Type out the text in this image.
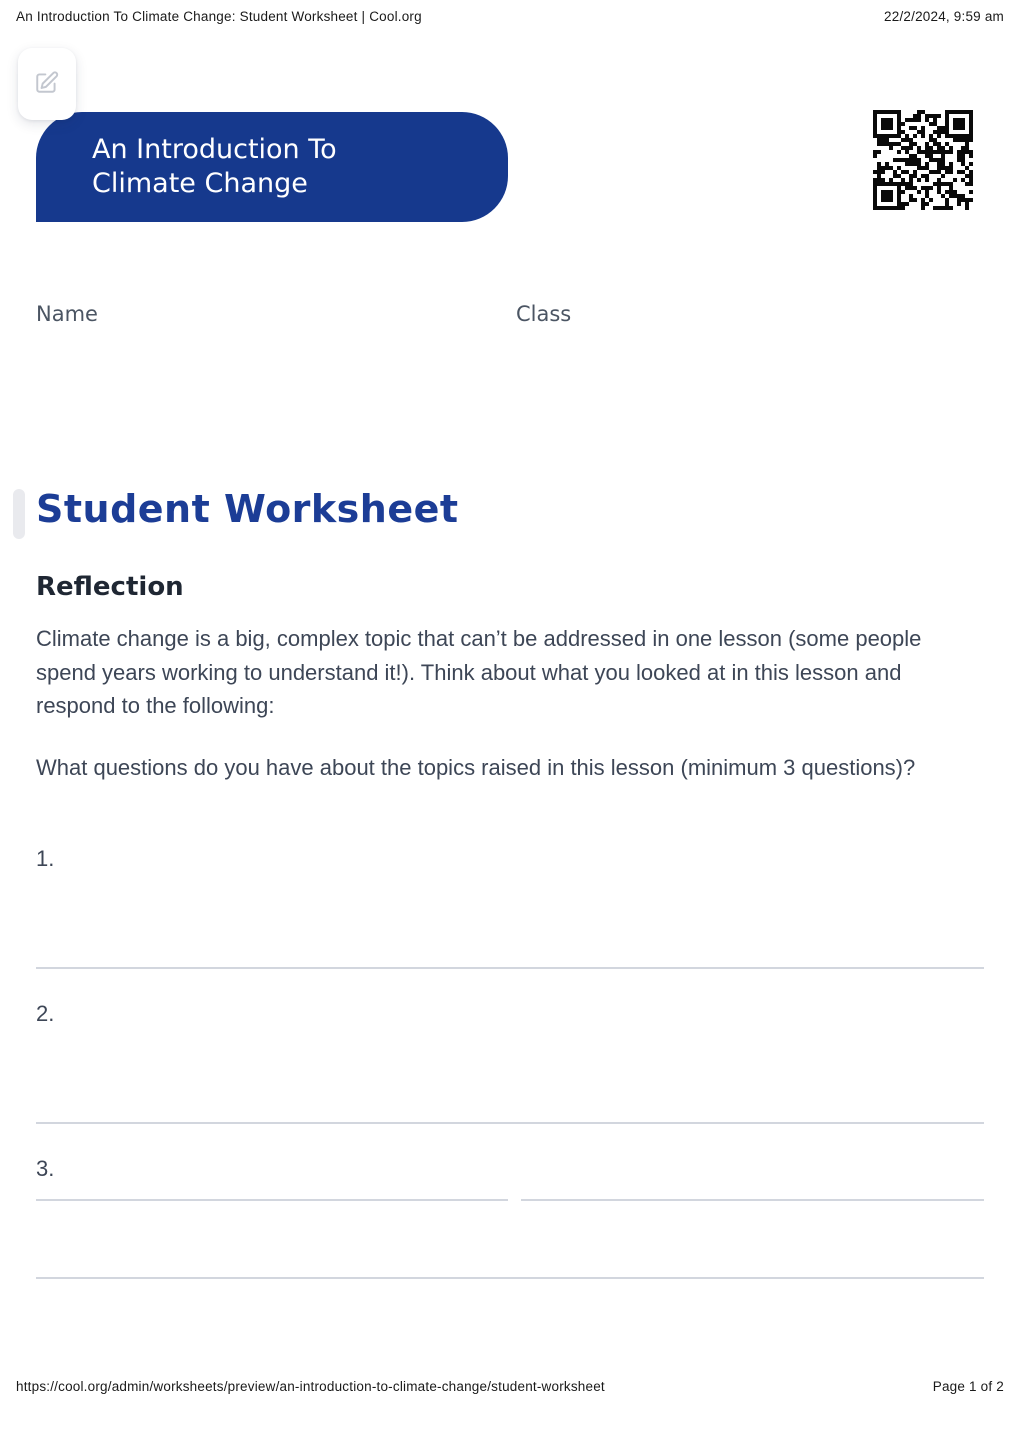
An Introduction To Climate Change: Student Worksheet | Cool.org	22/2/2024, 9:59 am
An Introduction To Climate Change
Name	Class
Student Worksheet
Reflection

Climate change is a big, complex topic that can’t be addressed in one lesson (some people spend years working to understand it!). Think about what you looked at in this lesson and respond to the following:

What questions do you have about the topics raised in this lesson (minimum 3 questions)?

1.
2.
3.
https://cool.org/admin/worksheets/preview/an-introduction-to-climate-change/student-worksheet	Page 1 of 2
